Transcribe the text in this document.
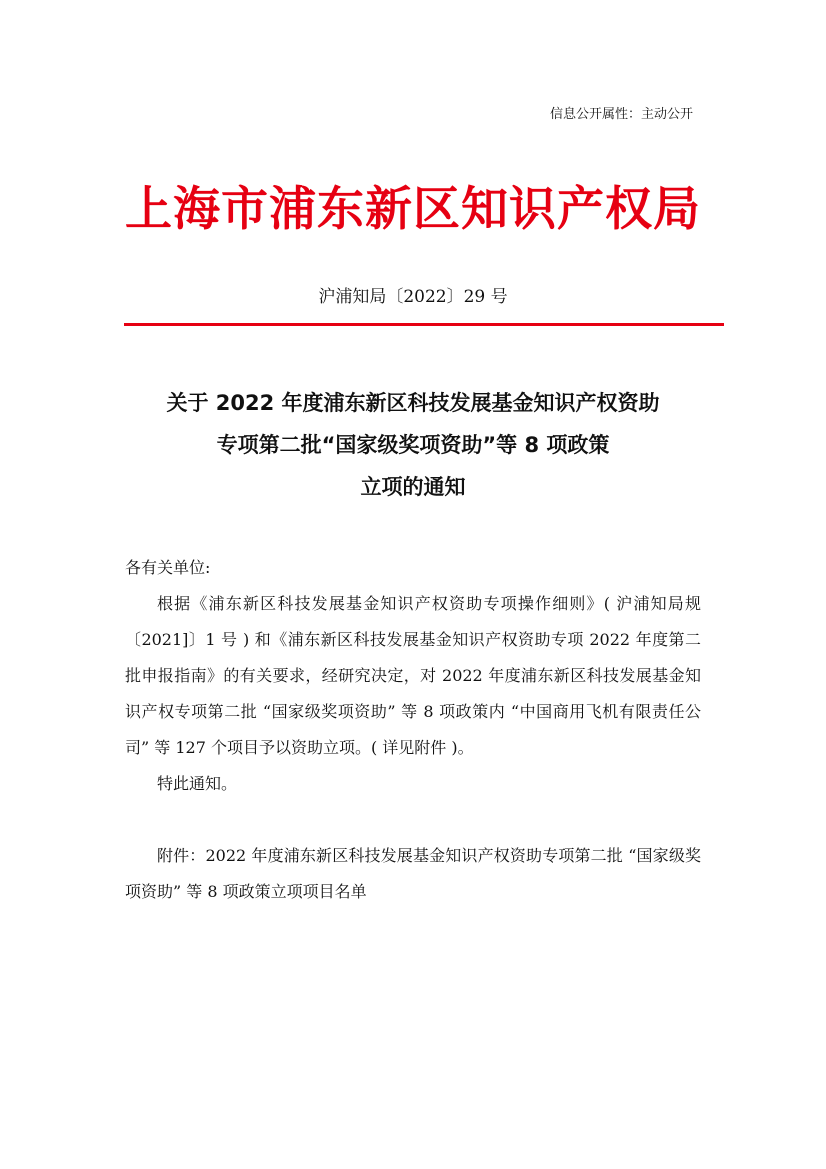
信息公开属性：主动公开
上海市浦东新区知识产权局
沪浦知局〔2022〕29 号
关于 2022 年度浦东新区科技发展基金知识产权资助
专项第二批“国家级奖项资助”等 8 项政策
立项的通知

各有关单位:

根据《浦东新区科技发展基金知识产权资助专项操作细则》( 沪浦知局规〔2021]〕1 号 ) 和《浦东新区科技发展基金知识产权资助专项 2022 年度第二批申报指南》的有关要求，经研究决定，对 2022 年度浦东新区科技发展基金知识产权专项第二批 “国家级奖项资助” 等 8 项政策内 “中国商用飞机有限责任公司” 等 127 个项目予以资助立项。( 详见附件 )。

特此通知。

附件：2022 年度浦东新区科技发展基金知识产权资助专项第二批 “国家级奖项资助” 等 8 项政策立项项目名单
